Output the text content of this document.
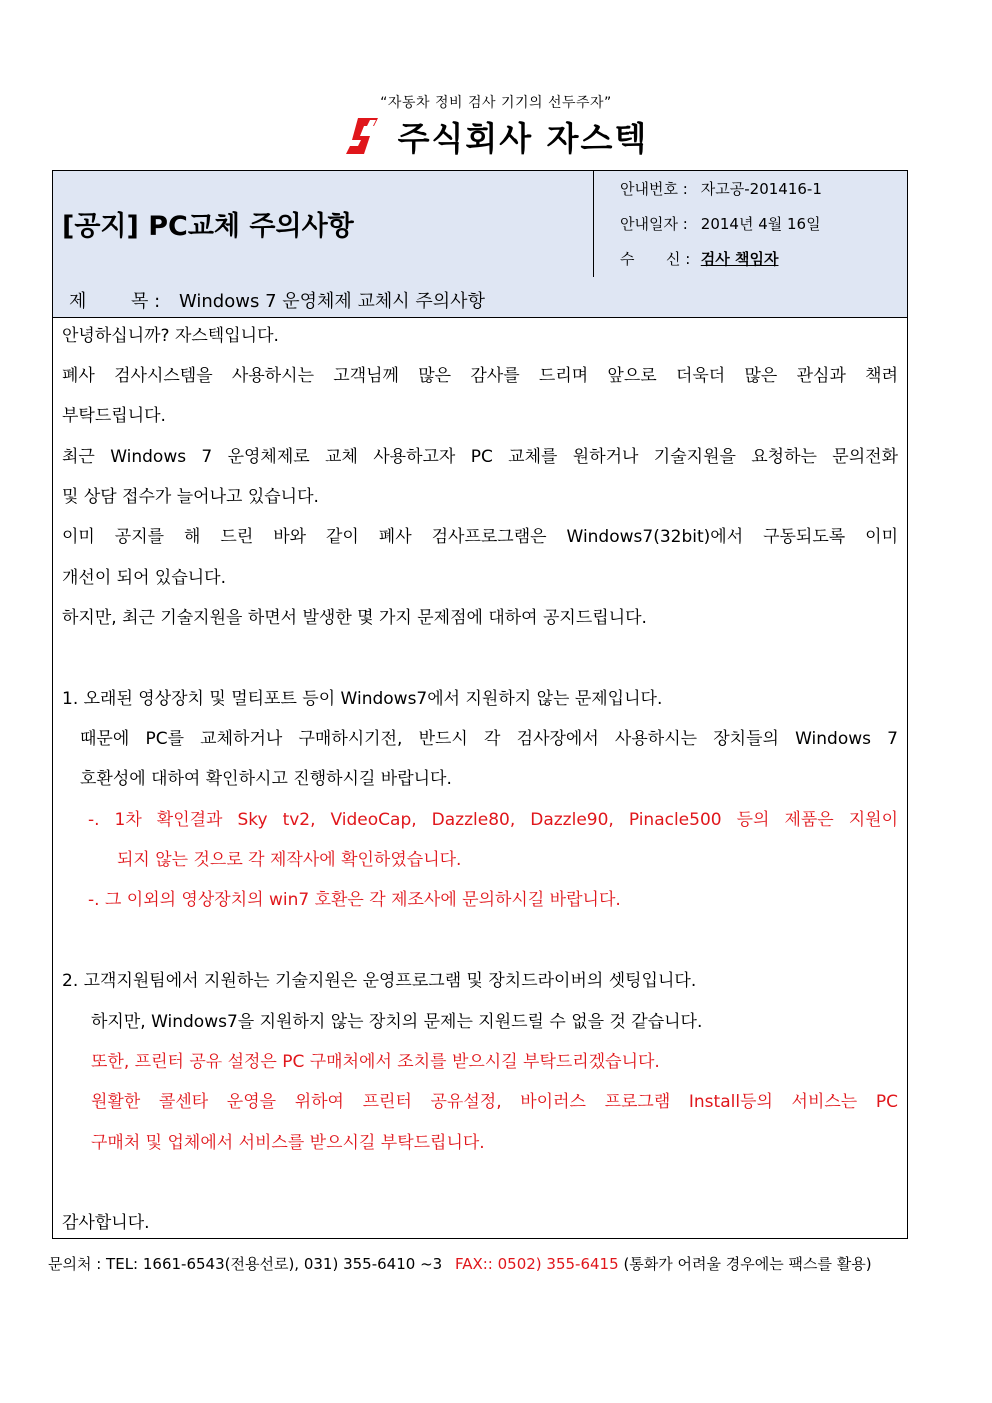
“자동차 정비 검사 기기의 선두주자”
주식회사 자스텍
[공지] PC교체 주의사항
안내번호 : 자고공-201416-1
안내일자 : 2014년 4월 16일
수 신 : 검사 책임자
제 목 : Windows 7 운영체제 교체시 주의사항
안녕하십니까? 자스텍입니다.
폐사 검사시스템을 사용하시는 고객님께 많은 감사를 드리며 앞으로 더욱더 많은 관심과 책려
부탁드립니다.
최근 Windows 7 운영체제로 교체 사용하고자 PC 교체를 원하거나 기술지원을 요청하는 문의전화
및 상담 접수가 늘어나고 있습니다.
이미 공지를 해 드린 바와 같이 폐사 검사프로그램은 Windows7(32bit)에서 구동되도록 이미
개선이 되어 있습니다.
하지만, 최근 기술지원을 하면서 발생한 몇 가지 문제점에 대하여 공지드립니다.
1. 오래된 영상장치 및 멀티포트 등이 Windows7에서 지원하지 않는 문제입니다.
때문에 PC를 교체하거나 구매하시기전, 반드시 각 검사장에서 사용하시는 장치들의 Windows 7
호환성에 대하여 확인하시고 진행하시길 바랍니다.
-. 1차 확인결과 Sky tv2, VideoCap, Dazzle80, Dazzle90, Pinacle500 등의 제품은 지원이
되지 않는 것으로 각 제작사에 확인하였습니다.
-. 그 이외의 영상장치의 win7 호환은 각 제조사에 문의하시길 바랍니다.
2. 고객지원팀에서 지원하는 기술지원은 운영프로그램 및 장치드라이버의 셋팅입니다.
하지만, Windows7을 지원하지 않는 장치의 문제는 지원드릴 수 없을 것 같습니다.
또한, 프린터 공유 설정은 PC 구매처에서 조치를 받으시길 부탁드리겠습니다.
원활한 콜센타 운영을 위하여 프린터 공유설정, 바이러스 프로그램 Install등의 서비스는 PC
구매처 및 업체에서 서비스를 받으시길 부탁드립니다.
감사합니다.
문의처 : TEL: 1661-6543(전용선로), 031) 355-6410 ~3 FAX:: 0502) 355-6415 (통화가 어려울 경우에는 팩스를 활용)
